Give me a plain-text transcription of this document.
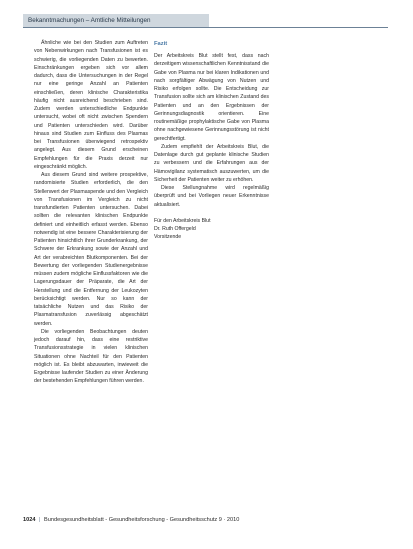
Bekanntmachungen – Amtliche Mitteilungen

Ähnliche wie bei den Studien zum Auftreten von Nebenwirkungen nach Transfusionen ist es schwierig, die vorliegenden Daten zu bewerten. Einschränkungen ergeben sich vor allem dadurch, dass die Untersuchungen in der Regel nur eine geringe Anzahl an Patienten einschließen, deren klinische Charakteristika häufig nicht ausreichend beschrieben sind. Zudem werden unterschiedliche Endpunkte untersucht, wobei oft nicht zwischen Spendern und Patienten unterschieden wird. Darüber hinaus sind Studien zum Einfluss des Plasmas bei Transfusionen überwiegend retrospektiv angelegt. Aus diesem Grund erscheinen Empfehlungen für die Praxis derzeit nur eingeschränkt möglich.

Aus diesem Grund sind weitere prospektive, randomisierte Studien erforderlich, die den Stellenwert der Plasmaspende und den Vergleich von Transfusionen im Vergleich zu nicht transfundierten Patienten untersuchen. Dabei sollten die relevanten klinischen Endpunkte definiert und einheitlich erfasst werden. Ebenso notwendig ist eine bessere Charakterisierung der Patienten hinsichtlich ihrer Grunderkrankung, der Schwere der Erkrankung sowie der Anzahl und Art der verabreichten Blutkomponenten. Bei der Bewertung der vorliegenden Studienergebnisse müssen zudem mögliche Einflussfaktoren wie die Lagerungsdauer der Präparate, die Art der Herstellung und die Entfernung der Leukozyten berücksichtigt werden. Nur so kann der tatsächliche Nutzen und das Risiko der Plasmatransfusion zuverlässig abgeschätzt werden.

Die vorliegenden Beobachtungen deuten jedoch darauf hin, dass eine restriktive Transfusionsstrategie in vielen klinischen Situationen ohne Nachteil für den Patienten möglich ist. Es bleibt abzuwarten, inwieweit die Ergebnisse laufender Studien zu einer Änderung der bestehenden Empfehlungen führen werden.

Fazit

Der Arbeitskreis Blut stellt fest, dass nach derzeitigem wissenschaftlichen Kenntnisstand die Gabe von Plasma nur bei klaren Indikationen und nach sorgfältiger Abwägung von Nutzen und Risiko erfolgen sollte. Die Entscheidung zur Transfusion sollte sich am klinischen Zustand des Patienten und an den Ergebnissen der Gerinnungsdiagnostik orientieren. Eine routinemäßige prophylaktische Gabe von Plasma ohne nachgewiesene Gerinnungsstörung ist nicht gerechtfertigt.

Zudem empfiehlt der Arbeitskreis Blut, die Datenlage durch gut geplante klinische Studien zu verbessern und die Erfahrungen aus der Hämovigilanz systematisch auszuwerten, um die Sicherheit der Patienten weiter zu erhöhen.

Diese Stellungnahme wird regelmäßig überprüft und bei Vorliegen neuer Erkenntnisse aktualisiert.

Für den Arbeitskreis Blut

Dr. Ruth Offergeld

Vorsitzende

1024 | Bundesgesundheitsblatt - Gesundheitsforschung - Gesundheitsschutz 9 · 2010
